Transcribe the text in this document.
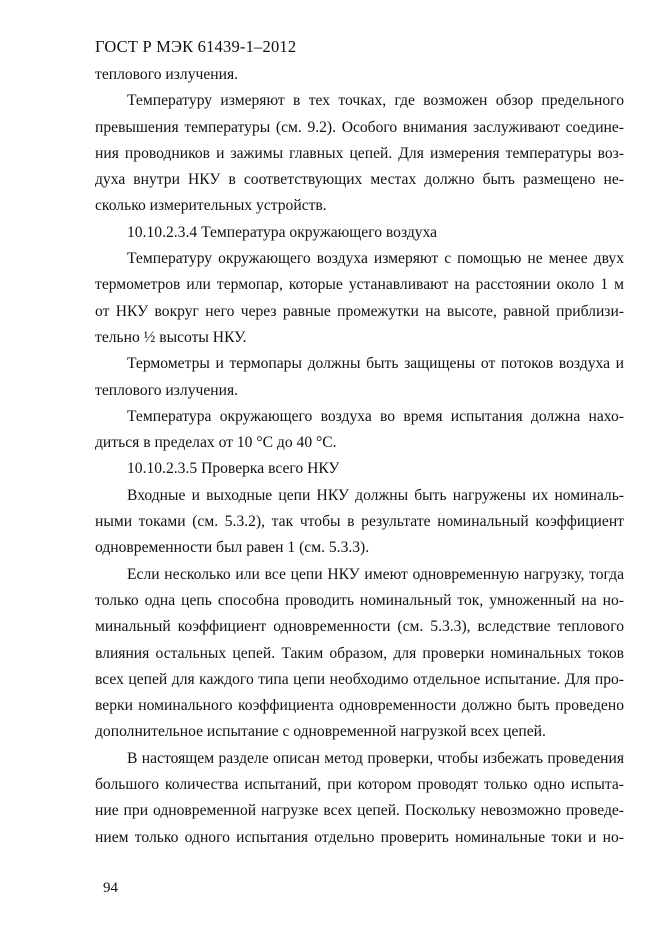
ГОСТ Р МЭК 61439-1–2012
теплового излучения.
Температуру измеряют в тех точках, где возможен обзор предельного
превышения температуры (см. 9.2). Особого внимания заслуживают соедине-
ния проводников и зажимы главных цепей. Для измерения температуры воз-
духа внутри НКУ в соответствующих местах должно быть размещено не-
сколько измерительных устройств.
10.10.2.3.4 Температура окружающего воздуха
Температуру окружающего воздуха измеряют с помощью не менее двух
термометров или термопар, которые устанавливают на расстоянии около 1 м
от НКУ вокруг него через равные промежутки на высоте, равной приблизи-
тельно ½ высоты НКУ.
Термометры и термопары должны быть защищены от потоков воздуха и
теплового излучения.
Температура окружающего воздуха во время испытания должна нахо-
диться в пределах от 10 °С до 40 °С.
10.10.2.3.5 Проверка всего НКУ
Входные и выходные цепи НКУ должны быть нагружены их номиналь-
ными токами (см. 5.3.2), так чтобы в результате номинальный коэффициент
одновременности был равен 1 (см. 5.3.3).
Если несколько или все цепи НКУ имеют одновременную нагрузку, тогда
только одна цепь способна проводить номинальный ток, умноженный на но-
минальный коэффициент одновременности (см. 5.3.3), вследствие теплового
влияния остальных цепей. Таким образом, для проверки номинальных токов
всех цепей для каждого типа цепи необходимо отдельное испытание. Для про-
верки номинального коэффициента одновременности должно быть проведено
дополнительное испытание с одновременной нагрузкой всех цепей.
В настоящем разделе описан метод проверки, чтобы избежать проведения
большого количества испытаний, при котором проводят только одно испыта-
ние при одновременной нагрузке всех цепей. Поскольку невозможно проведе-
нием только одного испытания отдельно проверить номинальные токи и но-
94
